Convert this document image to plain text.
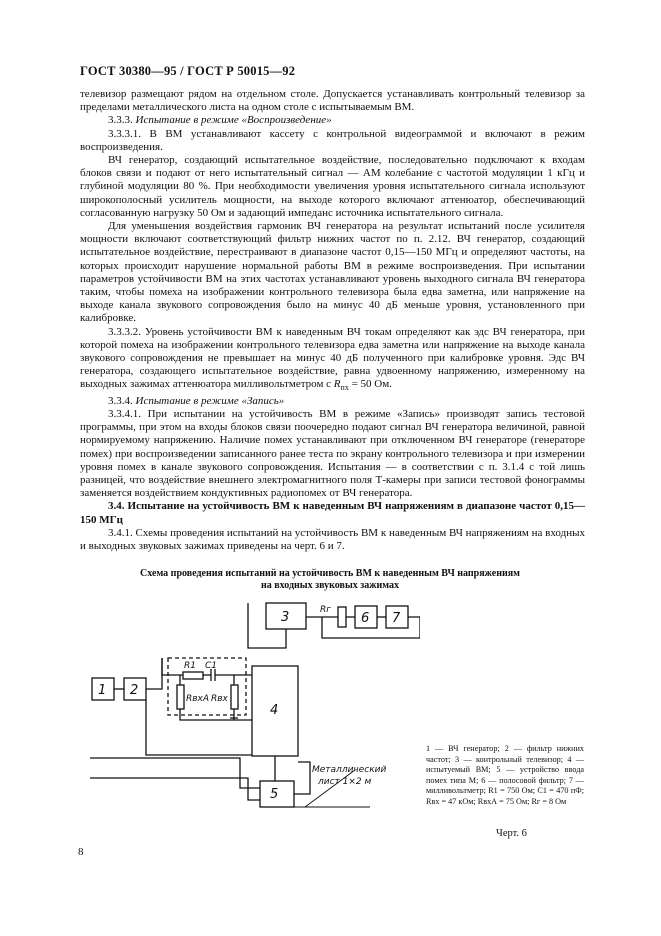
ГОСТ 30380—95 / ГОСТ Р 50015—92

телевизор размещают рядом на отдельном столе. Допускается устанавливать контрольный телевизор за пределами металлического листа на одном столе с испытываемым ВМ.

3.3.3. Испытание в режиме «Воспроизведение»

3.3.3.1. В ВМ устанавливают кассету с контрольной видеограммой и включают в режим воспроизведения.

ВЧ генератор, создающий испытательное воздействие, последовательно подключают к входам блоков связи и подают от него испытательный сигнал — АМ колебание с частотой модуляции 1 кГц и глубиной модуляции 80 %. При необходимости увеличения уровня испытательного сигнала используют широкополосный усилитель мощности, на выходе которого включают аттенюатор, обеспечивающий согласованную нагрузку 50 Ом и задающий импеданс источника испытательного сигнала.

Для уменьшения воздействия гармоник ВЧ генератора на результат испытаний после усилителя мощности включают соответствующий фильтр нижних частот по п. 2.12. ВЧ генератор, создающий испытательное воздействие, перестраивают в диапазоне частот 0,15—150 МГц и определяют частоты, на которых происходит нарушение нормальной работы ВМ в режиме воспроизведения. При испытании параметров устойчивости ВМ на этих частотах устанавливают уровень выходного сигнала ВЧ генератора таким, чтобы помеха на изображении контрольного телевизора была едва заметна, или напряжение на выходе канала звукового сопровождения было на минус 40 дБ меньше уровня, установленного при калибровке.

3.3.3.2. Уровень устойчивости ВМ к наведенным ВЧ токам определяют как эдс ВЧ генератора, при которой помеха на изображении контрольного телевизора едва заметна или напряжение на выходе канала звукового сопровождения не превышает на минус 40 дБ полученного при калибровке уровня. Эдс ВЧ генератора, создающего испытательное воздействие, равна удвоенному напряжению, измеренному на выходных зажимах аттенюатора милливольтметром с $R_{пх} = 50$ Ом.

3.3.4. Испытание в режиме «Запись»

3.3.4.1. При испытании на устойчивость ВМ в режиме «Запись» производят запись тестовой программы, при этом на входы блоков связи поочередно подают сигнал ВЧ генератора величиной, равной нормируемому напряжению. Наличие помех устанавливают при отключенном ВЧ генераторе (генераторе помех) при воспроизведении записанного ранее теста по экрану контрольного телевизора и при измерении уровня помех в канале звукового сопровождения. Испытания — в соответствии с п. 3.1.4 с той лишь разницей, что воздействие внешнего электромагнитного поля Т-камеры при записи тестовой фонограммы заменяется воздействием кондуктивных радиопомех от ВЧ генератора.

3.4. Испытание на устойчивость ВМ к наведенным ВЧ напряжениям в диапазоне частот 0,15—150 МГц

3.4.1. Схемы проведения испытаний на устойчивость ВМ к наведенным ВЧ напряжениям на входных и выходных звуковых зажимах приведены на черт. 6 и 7.

Схема проведения испытаний на устойчивость ВМ к наведенным ВЧ напряжениям
на входных звуковых зажимах
3	6 7
1 2
4
5
Rг
R1 C1
RвхА Rвх
Металлический
лист 1×2 м
1 — ВЧ генератор; 2 — фильтр нижних частот; 3 — контрольный телевизор; 4 — испытуемый ВМ; 5 — устройство ввода помех типа М; 6 — полосовой фильтр; 7 — милливольтметр; R1 = 750 Ом; C1 = 470 пФ; Rвх = 47 кОм; RвхА = 75 Ом; Rг = 8 Ом
Черт. 6
8
